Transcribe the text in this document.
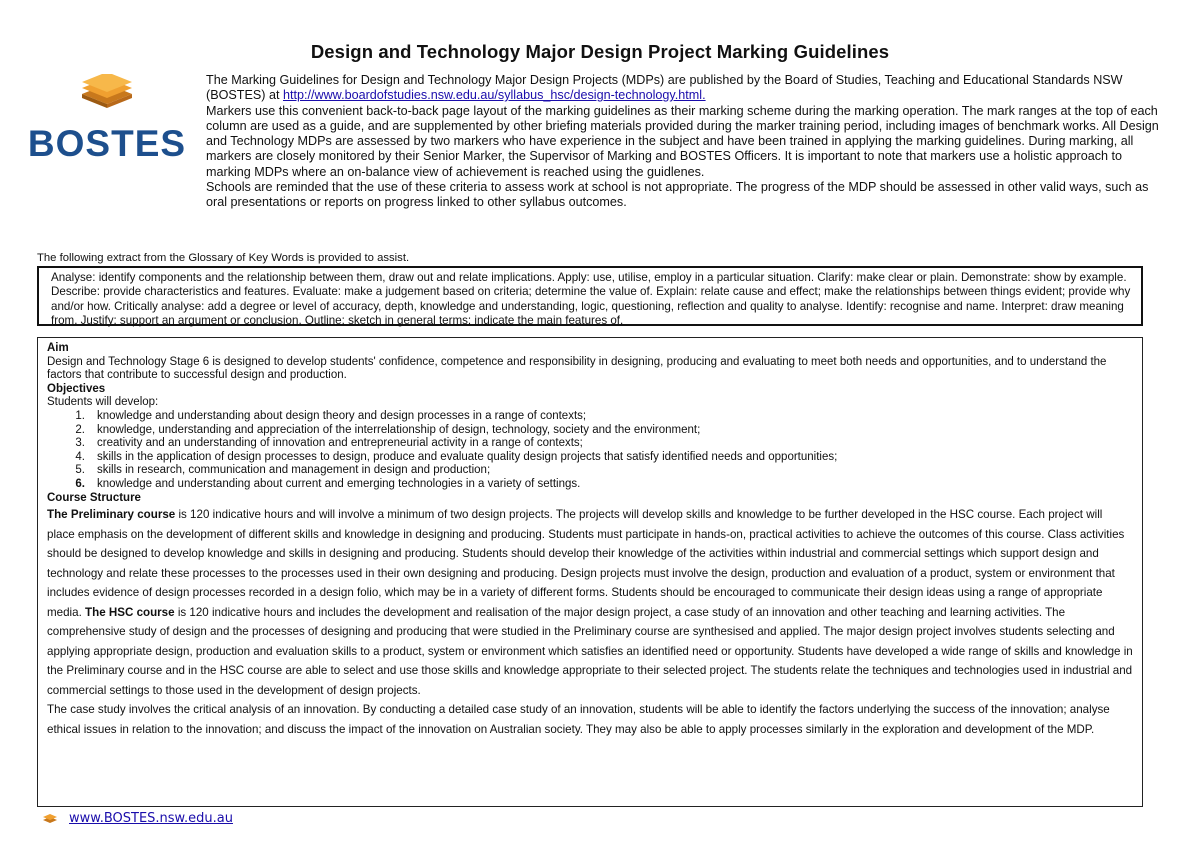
Design and Technology Major Design Project Marking Guidelines
BOSTES

The Marking Guidelines for Design and Technology Major Design Projects (MDPs) are published by the Board of Studies, Teaching and Educational Standards NSW (BOSTES) at http://www.boardofstudies.nsw.edu.au/syllabus_hsc/design-technology.html.

Markers use this convenient back-to-back page layout of the marking guidelines as their marking scheme during the marking operation. The mark ranges at the top of each column are used as a guide, and are supplemented by other briefing materials provided during the marker training period, including images of benchmark works. All Design and Technology MDPs are assessed by two markers who have experience in the subject and have been trained in applying the marking guidelines. During marking, all markers are closely monitored by their Senior Marker, the Supervisor of Marking and BOSTES Officers. It is important to note that markers use a holistic approach to marking MDPs where an on-balance view of achievement is reached using the guidlenes.

Schools are reminded that the use of these criteria to assess work at school is not appropriate. The progress of the MDP should be assessed in other valid ways, such as oral presentations or reports on progress linked to other syllabus outcomes.

The following extract from the Glossary of Key Words is provided to assist.

Analyse: identify components and the relationship between them, draw out and relate implications. Apply: use, utilise, employ in a particular situation. Clarify: make clear or plain. Demonstrate: show by example. Describe: provide characteristics and features. Evaluate: make a judgement based on criteria; determine the value of. Explain: relate cause and effect; make the relationships between things evident; provide why and/or how. Critically analyse: add a degree or level of accuracy, depth, knowledge and understanding, logic, questioning, reflection and quality to analyse. Identify: recognise and name. Interpret: draw meaning from. Justify: support an argument or conclusion. Outline: sketch in general terms; indicate the main features of.

Aim

Design and Technology Stage 6 is designed to develop students' confidence, competence and responsibility in designing, producing and evaluating to meet both needs and opportunities, and to understand the factors that contribute to successful design and production.

Objectives

Students will develop:

1.	knowledge and understanding about design theory and design processes in a range of contexts;
2.	knowledge, understanding and appreciation of the interrelationship of design, technology, society and the environment;
3.	creativity and an understanding of innovation and entrepreneurial activity in a range of contexts;
4.	skills in the application of design processes to design, produce and evaluate quality design projects that satisfy identified needs and opportunities;
5.	skills in research, communication and management in design and production;
6.	knowledge and understanding about current and emerging technologies in a variety of settings.

Course Structure

The Preliminary course is 120 indicative hours and will involve a minimum of two design projects. The projects will develop skills and knowledge to be further developed in the HSC course. Each project will place emphasis on the development of different skills and knowledge in designing and producing. Students must participate in hands-on, practical activities to achieve the outcomes of this course. Class activities should be designed to develop knowledge and skills in designing and producing. Students should develop their knowledge of the activities within industrial and commercial settings which support design and technology and relate these processes to the processes used in their own designing and producing. Design projects must involve the design, production and evaluation of a product, system or environment that includes evidence of design processes recorded in a design folio, which may be in a variety of different forms. Students should be encouraged to communicate their design ideas using a range of appropriate media. The HSC course is 120 indicative hours and includes the development and realisation of the major design project, a case study of an innovation and other teaching and learning activities. The comprehensive study of design and the processes of designing and producing that were studied in the Preliminary course are synthesised and applied. The major design project involves students selecting and applying appropriate design, production and evaluation skills to a product, system or environment which satisfies an identified need or opportunity. Students have developed a wide range of skills and knowledge in the Preliminary course and in the HSC course are able to select and use those skills and knowledge appropriate to their selected project. The students relate the techniques and technologies used in industrial and commercial settings to those used in the development of design projects.

The case study involves the critical analysis of an innovation. By conducting a detailed case study of an innovation, students will be able to identify the factors underlying the success of the innovation; analyse ethical issues in relation to the innovation; and discuss the impact of the innovation on Australian society. They may also be able to apply processes similarly in the exploration and development of the MDP.

www.BOSTES.nsw.edu.au
